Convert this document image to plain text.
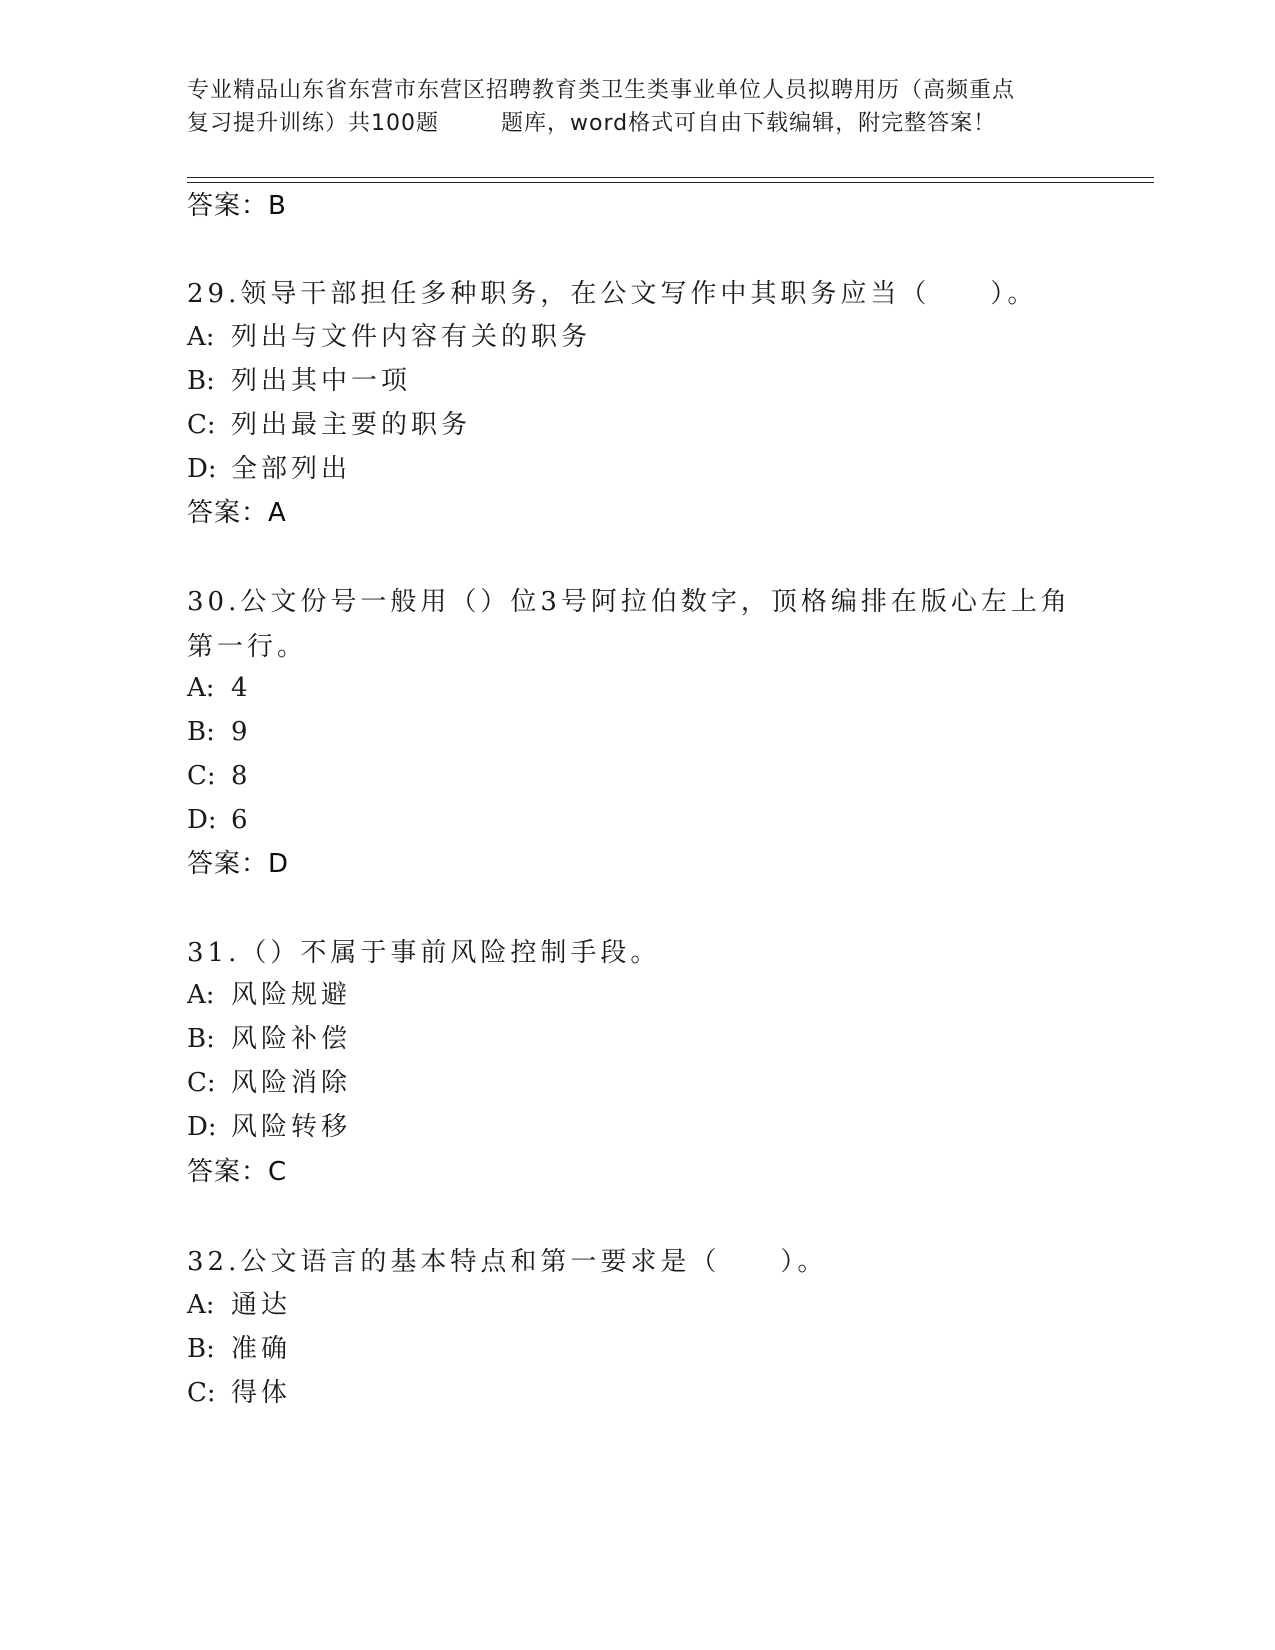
专业精品山东省东营市东营区招聘教育类卫生类事业单位人员拟聘用历（高频重点
复习提升训练）共100题	题库，word格式可自由下载编辑，附完整答案！
答案：B
29.领导干部担任多种职务，在公文写作中其职务应当（　　）。
A: 列出与文件内容有关的职务
B: 列出其中一项
C: 列出最主要的职务
D: 全部列出
答案：A
30.公文份号一般用（）位3号阿拉伯数字，顶格编排在版心左上角第一行。
A: 4
B: 9
C: 8
D: 6
答案：D
31.（）不属于事前风险控制手段。
A: 风险规避
B: 风险补偿
C: 风险消除
D: 风险转移
答案：C
32.公文语言的基本特点和第一要求是（　　）。
A: 通达
B: 准确
C: 得体
